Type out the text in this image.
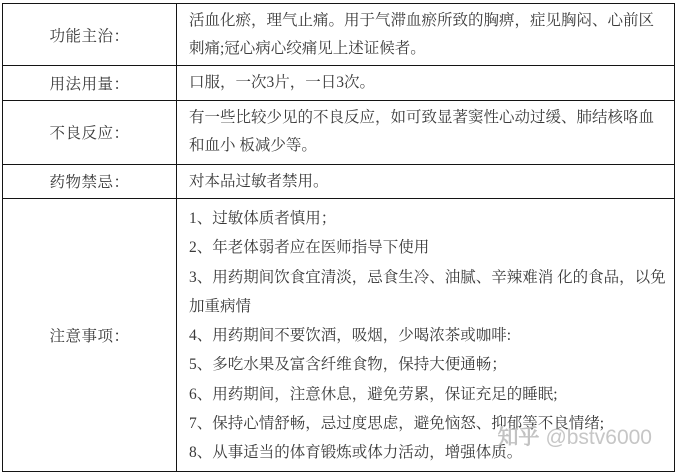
功能主治：	活血化瘀，理气止痛。用于气滞血瘀所致的胸痹，症见胸闷、心前区刺痛;冠心病心绞痛见上述证候者。

用法用量：	口服，一次3片，一日3次。

不良反应：	有一些比较少见的不良反应，如可致显著窦性心动过缓、肺结核咯血和血小 板减少等。

药物禁忌：	对本品过敏者禁用。

注意事项：	
1、过敏体质者慎用；
2、年老体弱者应在医师指导下使用
3、用药期间饮食宜清淡，忌食生冷、油腻、辛辣难消 化的食品，以免加重病情
4、用药期间不要饮酒，吸烟，少喝浓茶或咖啡:
5、多吃水果及富含纤维食物，保持大便通畅；
6、用药期间，注意休息，避免劳累，保证充足的睡眠;
7、保持心情舒畅，忌过度思虑，避免恼怒、抑郁等不良情绪;
8、从事适当的体育锻炼或体力活动，增强体质。
知乎 @bstv6000
